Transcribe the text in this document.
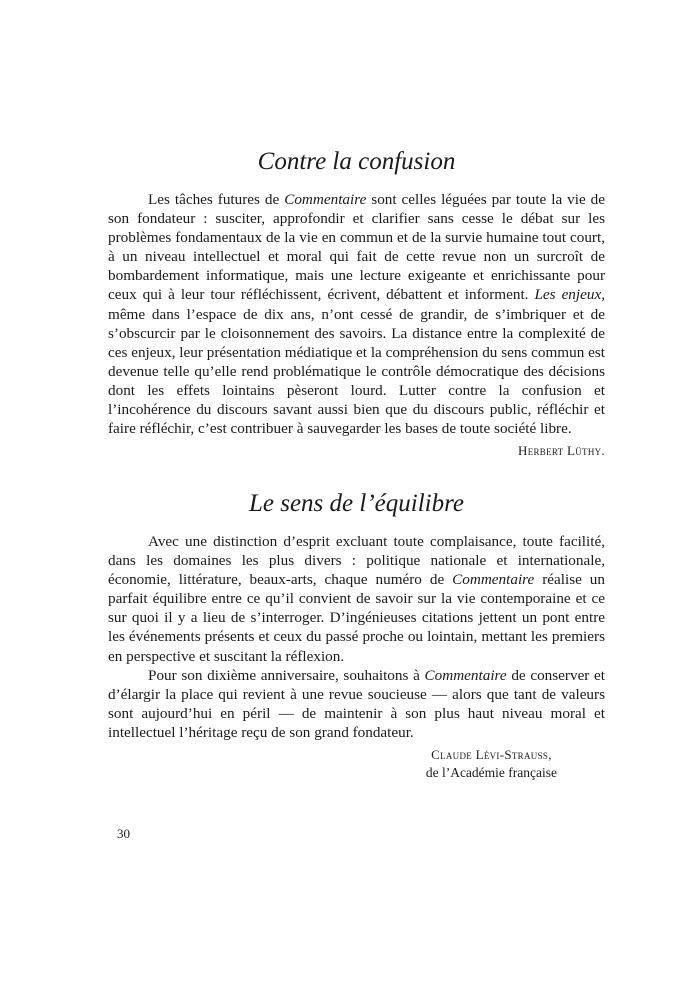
Contre la confusion

Les tâches futures de Commentaire sont celles léguées par toute la vie de son fondateur : susciter, approfondir et clarifier sans cesse le débat sur les problèmes fondamentaux de la vie en commun et de la survie humaine tout court, à un niveau intellectuel et moral qui fait de cette revue non un surcroît de bombardement informatique, mais une lecture exigeante et enrichissante pour ceux qui à leur tour réfléchissent, écrivent, débattent et informent. Les enjeux, même dans l’espace de dix ans, n’ont cessé de grandir, de s’imbriquer et de s’obscurcir par le cloisonnement des savoirs. La distance entre la complexité de ces enjeux, leur présentation médiatique et la compréhension du sens commun est devenue telle qu’elle rend problématique le contrôle démocratique des décisions dont les effets lointains pèseront lourd. Lutter contre la confusion et l’incohérence du discours savant aussi bien que du discours public, réfléchir et faire réfléchir, c’est contribuer à sauvegarder les bases de toute société libre.

Herbert Lüthy.
Le sens de l’équilibre

Avec une distinction d’esprit excluant toute complaisance, toute facilité, dans les domaines les plus divers : politique nationale et internationale, économie, littérature, beaux-arts, chaque numéro de Commentaire réalise un parfait équilibre entre ce qu’il convient de savoir sur la vie contemporaine et ce sur quoi il y a lieu de s’interroger. D’ingénieuses citations jettent un pont entre les événements présents et ceux du passé proche ou lointain, mettant les premiers en perspective et suscitant la réflexion.

Pour son dixième anniversaire, souhaitons à Commentaire de conserver et d’élargir la place qui revient à une revue soucieuse — alors que tant de valeurs sont aujourd’hui en péril — de maintenir à son plus haut niveau moral et intellectuel l’héritage reçu de son grand fondateur.

Claude Lévi-Strauss,
de l’Académie française
30
